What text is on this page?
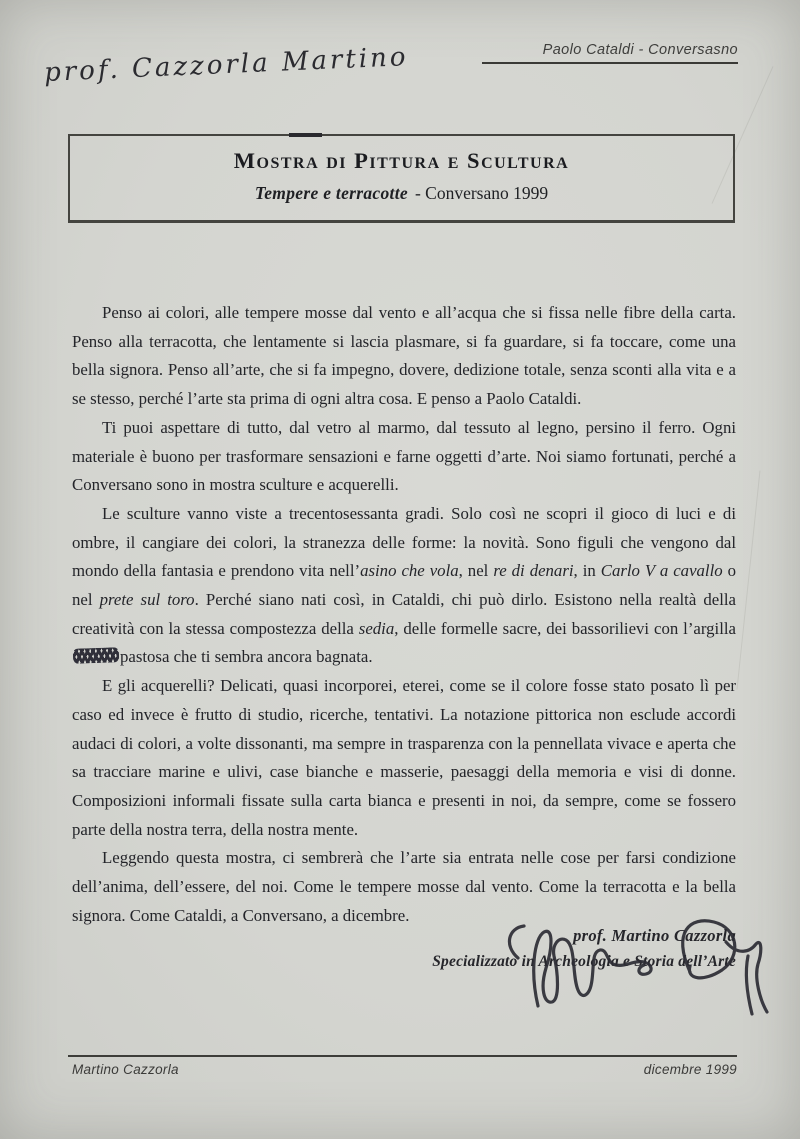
prof. Cazzorla Martino	Paolo Cataldi - Conversasno
Mostra di Pittura e Scultura
Tempere e terracotte - Conversano 1999

Penso ai colori, alle tempere mosse dal vento e all’acqua che si fissa nelle fibre della carta. Penso alla terracotta, che lentamente si lascia plasmare, si fa guardare, si fa toccare, come una bella signora. Penso all’arte, che si fa impegno, dovere, dedizione totale, senza sconti alla vita e a se stesso, perché l’arte sta prima di ogni altra cosa. E penso a Paolo Cataldi.

Ti puoi aspettare di tutto, dal vetro al marmo, dal tessuto al legno, persino il ferro. Ogni materiale è buono per trasformare sensazioni e farne oggetti d’arte. Noi siamo fortunati, perché a Conversano sono in mostra sculture e acquerelli.

Le sculture vanno viste a trecentosessanta gradi. Solo così ne scopri il gioco di luci e di ombre, il cangiare dei colori, la stranezza delle forme: la novità. Sono figuli che vengono dal mondo della fantasia e prendono vita nell’asino che vola, nel re di denari, in Carlo V a cavallo o nel prete sul toro. Perché siano nati così, in Cataldi, chi può dirlo. Esistono nella realtà della creatività con la stessa compostezza della sedia, delle formelle sacre, dei bassorilievi con l’argilla pastosa che ti sembra ancora bagnata.

E gli acquerelli? Delicati, quasi incorporei, eterei, come se il colore fosse stato posato lì per caso ed invece è frutto di studio, ricerche, tentativi. La notazione pittorica non esclude accordi audaci di colori, a volte dissonanti, ma sempre in trasparenza con la pennellata vivace e aperta che sa tracciare marine e ulivi, case bianche e masserie, paesaggi della memoria e visi di donne. Composizioni informali fissate sulla carta bianca e presenti in noi, da sempre, come se fossero parte della nostra terra, della nostra mente.

Leggendo questa mostra, ci sembrerà che l’arte sia entrata nelle cose per farsi condizione dell’anima, dell’essere, del noi. Come le tempere mosse dal vento. Come la terracotta e la bella signora. Come Cataldi, a Conversano, a dicembre.

prof. Martino Cazzorla
Specializzato in Archeologia e Storia dell’Arte
Martino Cazzorla	dicembre 1999
